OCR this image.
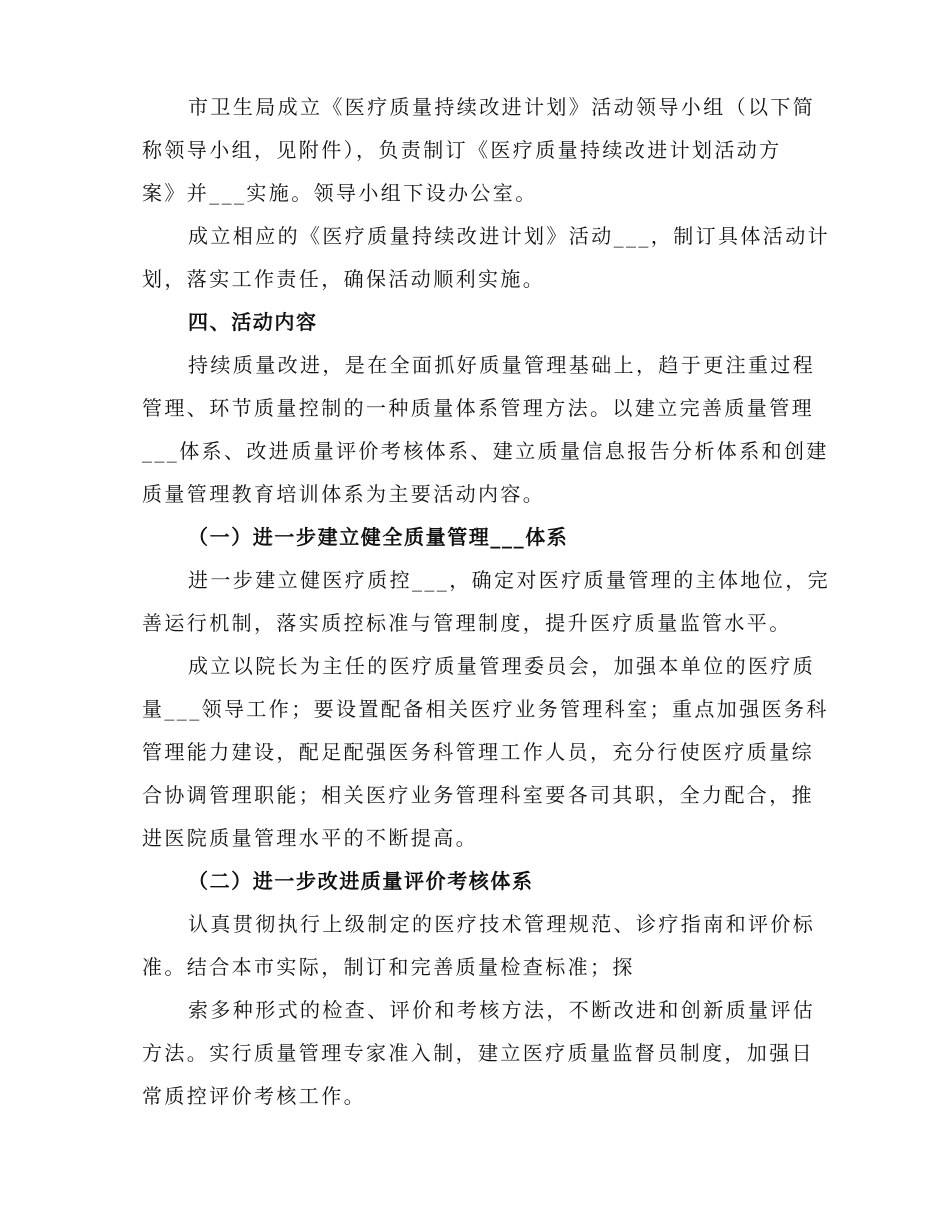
市卫生局成立《医疗质量持续改进计划》活动领导小组（以下简
称领导小组，见附件），负责制订《医疗质量持续改进计划活动方
案》并___实施。领导小组下设办公室。
成立相应的《医疗质量持续改进计划》活动___，制订具体活动计
划，落实工作责任，确保活动顺利实施。
四、活动内容
持续质量改进，是在全面抓好质量管理基础上，趋于更注重过程
管理、环节质量控制的一种质量体系管理方法。以建立完善质量管理
___体系、改进质量评价考核体系、建立质量信息报告分析体系和创建
质量管理教育培训体系为主要活动内容。
（一）进一步建立健全质量管理___体系
进一步建立健医疗质控___，确定对医疗质量管理的主体地位，完
善运行机制，落实质控标准与管理制度，提升医疗质量监管水平。
成立以院长为主任的医疗质量管理委员会，加强本单位的医疗质
量___领导工作；要设置配备相关医疗业务管理科室；重点加强医务科
管理能力建设，配足配强医务科管理工作人员，充分行使医疗质量综
合协调管理职能；相关医疗业务管理科室要各司其职，全力配合，推
进医院质量管理水平的不断提高。
（二）进一步改进质量评价考核体系
认真贯彻执行上级制定的医疗技术管理规范、诊疗指南和评价标
准。结合本市实际，制订和完善质量检查标准；探
索多种形式的检查、评价和考核方法，不断改进和创新质量评估
方法。实行质量管理专家准入制，建立医疗质量监督员制度，加强日
常质控评价考核工作。
